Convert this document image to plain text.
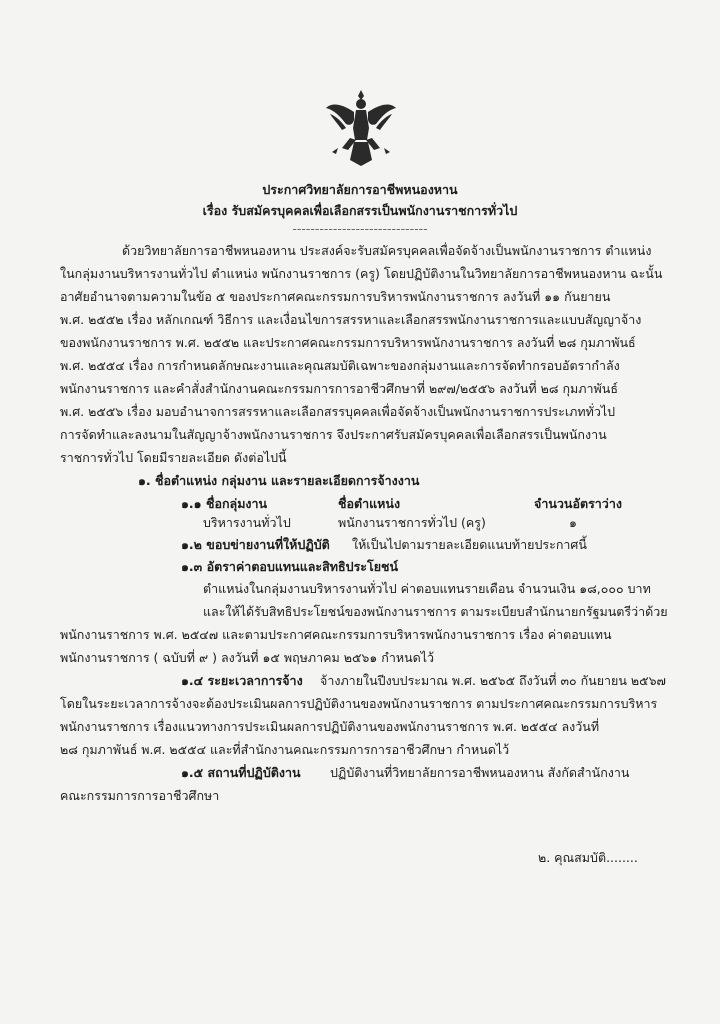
ประกาศวิทยาลัยการอาชีพหนองหาน
เรื่อง รับสมัครบุคคลเพื่อเลือกสรรเป็นพนักงานราชการทั่วไป
------------------------------
ด้วยวิทยาลัยการอาชีพหนองหาน ประสงค์จะรับสมัครบุคคลเพื่อจัดจ้างเป็นพนักงานราชการ ตำแหน่ง
ในกลุ่มงานบริหารงานทั่วไป ตำแหน่ง พนักงานราชการ (ครู) โดยปฏิบัติงานในวิทยาลัยการอาชีพหนองหาน ฉะนั้น
อาศัยอำนาจตามความในข้อ ๕ ของประกาศคณะกรรมการบริหารพนักงานราชการ ลงวันที่ ๑๑ กันยายน
พ.ศ. ๒๕๕๒ เรื่อง หลักเกณฑ์ วิธีการ และเงื่อนไขการสรรหาและเลือกสรรพนักงานราชการและแบบสัญญาจ้าง
ของพนักงานราชการ พ.ศ. ๒๕๕๒ และประกาศคณะกรรมการบริหารพนักงานราชการ ลงวันที่ ๒๘ กุมภาพันธ์
พ.ศ. ๒๕๕๔ เรื่อง การกำหนดลักษณะงานและคุณสมบัติเฉพาะของกลุ่มงานและการจัดทำกรอบอัตรากำลัง
พนักงานราชการ และคำสั่งสำนักงานคณะกรรมการการอาชีวศึกษาที่ ๒๙๗/๒๕๕๖ ลงวันที่ ๒๘ กุมภาพันธ์
พ.ศ. ๒๕๕๖ เรื่อง มอบอำนาจการสรรหาและเลือกสรรบุคคลเพื่อจัดจ้างเป็นพนักงานราชการประเภททั่วไป
การจัดทำและลงนามในสัญญาจ้างพนักงานราชการ จึงประกาศรับสมัครบุคคลเพื่อเลือกสรรเป็นพนักงาน
ราชการทั่วไป โดยมีรายละเอียด ดังต่อไปนี้
๑. ชื่อตำแหน่ง กลุ่มงาน และรายละเอียดการจ้างงาน
๑.๑ ชื่อกลุ่มงาน	ชื่อตำแหน่ง	จำนวนอัตราว่าง
บริหารงานทั่วไป	พนักงานราชการทั่วไป (ครู)	๑
๑.๒ ขอบข่ายงานที่ให้ปฏิบัติ ให้เป็นไปตามรายละเอียดแนบท้ายประกาศนี้
๑.๓ อัตราค่าตอบแทนและสิทธิประโยชน์
ตำแหน่งในกลุ่มงานบริหารงานทั่วไป ค่าตอบแทนรายเดือน จำนวนเงิน ๑๘,๐๐๐ บาท
และให้ได้รับสิทธิประโยชน์ของพนักงานราชการ ตามระเบียบสำนักนายกรัฐมนตรีว่าด้วย
พนักงานราชการ พ.ศ. ๒๕๔๗ และตามประกาศคณะกรรมการบริหารพนักงานราชการ เรื่อง ค่าตอบแทน
พนักงานราชการ ( ฉบับที่ ๙ ) ลงวันที่ ๑๕ พฤษภาคม ๒๕๖๑ กำหนดไว้
๑.๔ ระยะเวลาการจ้าง จ้างภายในปีงบประมาณ พ.ศ. ๒๕๖๕ ถึงวันที่ ๓๐ กันยายน ๒๕๖๗
โดยในระยะเวลาการจ้างจะต้องประเมินผลการปฏิบัติงานของพนักงานราชการ ตามประกาศคณะกรรมการบริหาร
พนักงานราชการ เรื่องแนวทางการประเมินผลการปฏิบัติงานของพนักงานราชการ พ.ศ. ๒๕๕๔ ลงวันที่
๒๘ กุมภาพันธ์ พ.ศ. ๒๕๕๔ และที่สำนักงานคณะกรรมการการอาชีวศึกษา กำหนดไว้
๑.๕ สถานที่ปฏิบัติงาน ปฏิบัติงานที่วิทยาลัยการอาชีพหนองหาน สังกัดสำนักงาน
คณะกรรมการการอาชีวศึกษา
๒. คุณสมบัติ........
